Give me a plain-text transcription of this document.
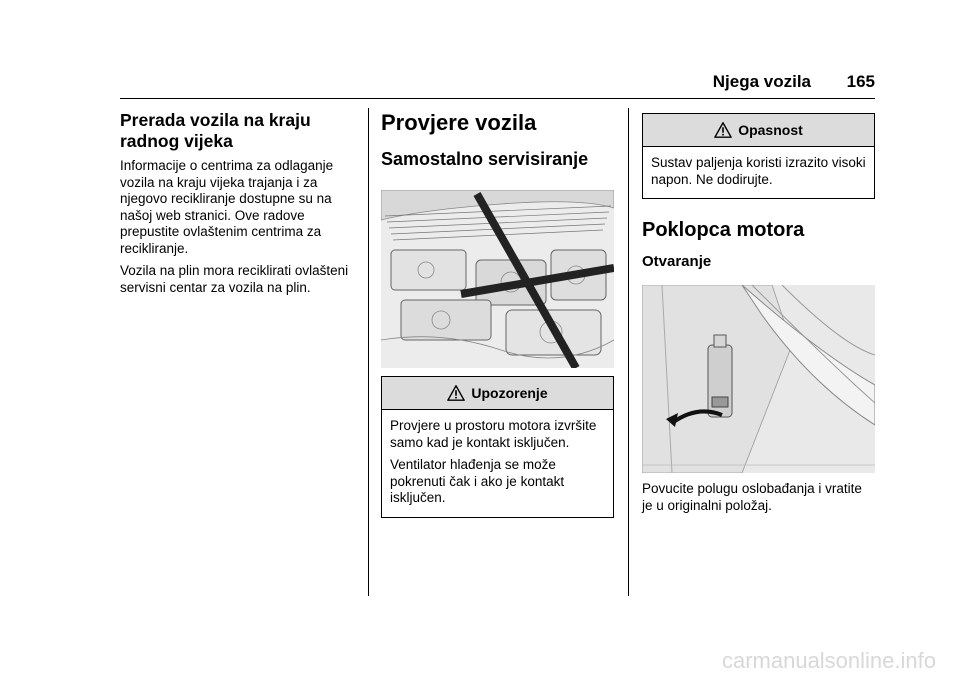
Njega vozila 165
Prerada vozila na kraju radnog vijeka

Informacije o centrima za odlaganje vozila na kraju vijeka trajanja i za njegovo recikliranje dostupne su na našoj web stranici. Ove radove prepustite ovlaštenim centrima za recikliranje.

Vozila na plin mora reciklirati ovlašteni servisni centar za vozila na plin.

Provjere vozila
Samostalno servisiranje
Upozorenje

Provjere u prostoru motora izvršite samo kad je kontakt isključen.

Ventilator hlađenja se može pokrenuti čak i ako je kontakt isključen.

Opasnost

Sustav paljenja koristi izrazito visoki napon. Ne dodirujte.

Poklopca motora
Otvaranje

Povucite polugu oslobađanja i vratite je u originalni položaj.

carmanualsonline.info
